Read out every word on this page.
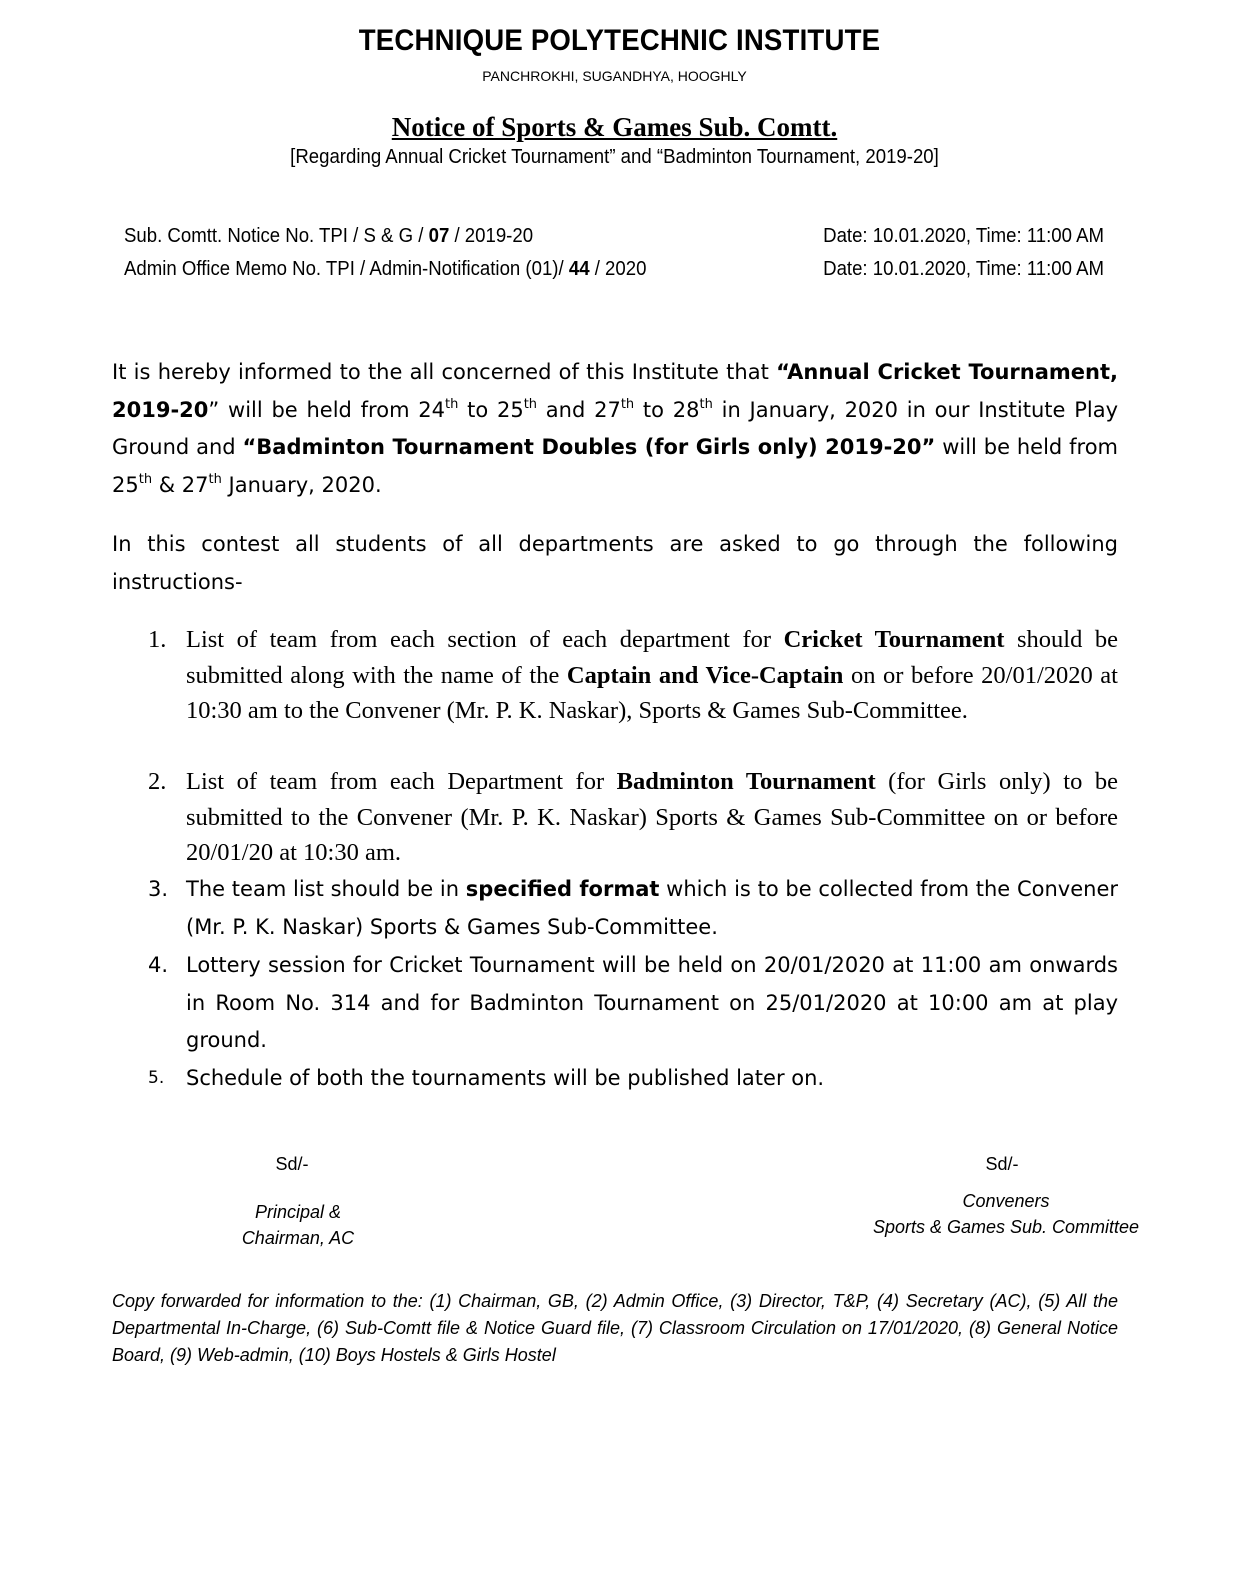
TECHNIQUE POLYTECHNIC INSTITUTE
PANCHROKHI, SUGANDHYA, HOOGHLY
Notice of Sports & Games Sub. Comtt.
[Regarding Annual Cricket Tournament” and “Badminton Tournament, 2019-20]
Sub. Comtt. Notice No. TPI / S & G / 07 / 2019-20	Date: 10.01.2020, Time: 11:00 AM
Admin Office Memo No. TPI / Admin-Notification (01)/ 44 / 2020	Date: 10.01.2020, Time: 11:00 AM
It is hereby informed to the all concerned of this Institute that “Annual Cricket Tournament, 2019-20” will be held from 24th to 25th and 27th to 28th in January, 2020 in our Institute Play Ground and “Badminton Tournament Doubles (for Girls only) 2019-20” will be held from 25th & 27th January, 2020.
In this contest all students of all departments are asked to go through the following instructions-
1. List of team from each section of each department for Cricket Tournament should be submitted along with the name of the Captain and Vice-Captain on or before 20/01/2020 at 10:30 am to the Convener (Mr. P. K. Naskar), Sports & Games Sub-Committee.
2. List of team from each Department for Badminton Tournament (for Girls only) to be submitted to the Convener (Mr. P. K. Naskar) Sports & Games Sub-Committee on or before 20/01/20 at 10:30 am.
3. The team list should be in specified format which is to be collected from the Convener (Mr. P. K. Naskar) Sports & Games Sub-Committee.
4. Lottery session for Cricket Tournament will be held on 20/01/2020 at 11:00 am onwards in Room No. 314 and for Badminton Tournament on 25/01/2020 at 10:00 am at play ground.
5. Schedule of both the tournaments will be published later on.
Sd/-	Sd/-
Principal &
Chairman, AC
Conveners
Sports & Games Sub. Committee
Copy forwarded for information to the: (1) Chairman, GB, (2) Admin Office, (3) Director, T&P, (4) Secretary (AC), (5) All the Departmental In-Charge, (6) Sub-Comtt file & Notice Guard file, (7) Classroom Circulation on 17/01/2020, (8) General Notice Board, (9) Web-admin, (10) Boys Hostels & Girls Hostel
